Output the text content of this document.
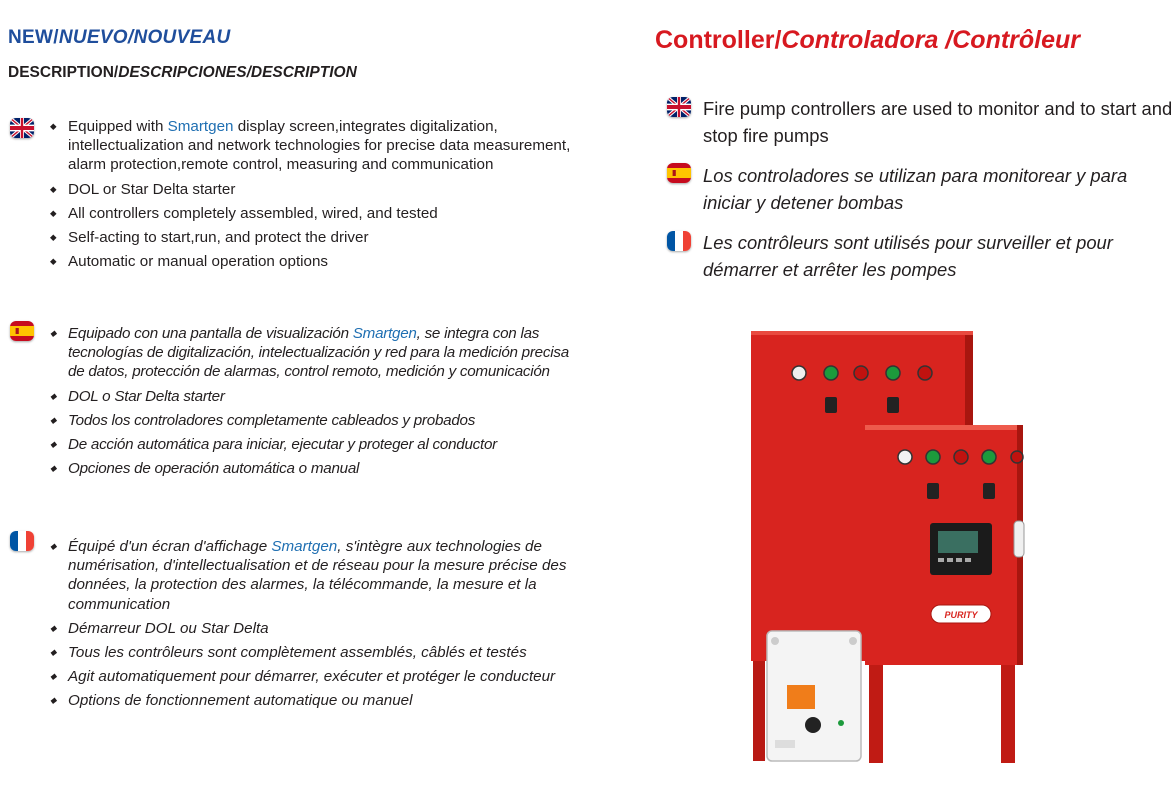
NEW/NUEVO/NOUVEAU
DESCRIPTION/DESCRIPCIONES/DESCRIPTION
◆ Equipped with Smartgen display screen,integrates digitalization, intellectualization and network technologies for precise data measurement, alarm protection,remote control, measuring and communication
◆ DOL or Star Delta starter
◆ All controllers completely assembled, wired, and tested
◆ Self-acting to start,run, and protect the driver
◆ Automatic or manual operation options
◆ Equipado con una pantalla de visualización Smartgen, se integra con las tecnologías de digitalización, intelectualización y red para la medición precisa de datos, protección de alarmas, control remoto, medición y comunicación
◆ DOL o Star Delta starter
◆ Todos los controladores completamente cableados y probados
◆ De acción automática para iniciar, ejecutar y proteger al conductor
◆ Opciones de operación automática o manual
◆ Équipé d'un écran d'affichage Smartgen, s'intègre aux technologies de numérisation, d'intellectualisation et de réseau pour la mesure précise des données, la protection des alarmes, la télécommande, la mesure et la communication
◆ Démarreur DOL ou Star Delta
◆ Tous les contrôleurs sont complètement assemblés, câblés et testés
◆ Agit automatiquement pour démarrer, exécuter et protéger le conducteur
◆ Options de fonctionnement automatique ou manuel
Controller/Controladora /Contrôleur
Fire pump controllers are used to monitor and to start and stop fire pumps
Los controladores se utilizan para monitorear y para iniciar y detener bombas
Les contrôleurs sont utilisés pour surveiller et pour démarrer et arrêter les pompes
PURITY
